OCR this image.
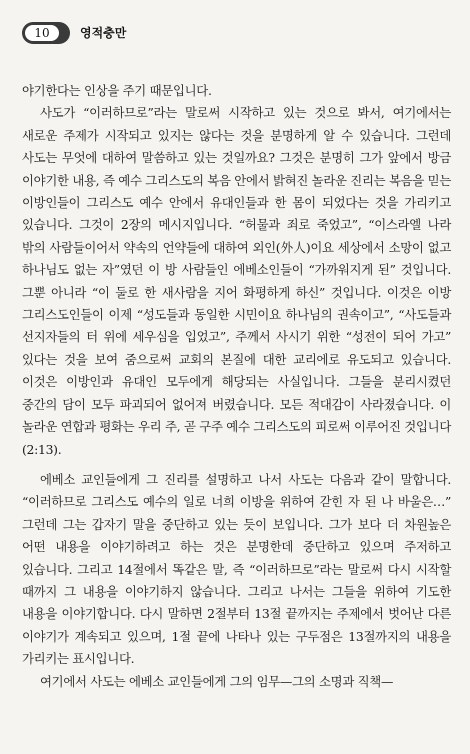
10	영적충만

야기한다는 인상을 주기 때문입니다.

사도가 “이러하므로”라는 말로써 시작하고 있는 것으로 봐서, 여기에서는 새로운 주제가 시작되고 있지는 않다는 것을 분명하게 알 수 있습니다. 그런데 사도는 무엇에 대하여 말씀하고 있는 것일까요? 그것은 분명히 그가 앞에서 방금 이야기한 내용, 즉 예수 그리스도의 복음 안에서 밝혀진 놀라운 진리는 복음을 믿는 이방인들이 그리스도 예수 안에서 유대인들과 한 몸이 되었다는 것을 가리키고 있습니다. 그것이 2장의 메시지입니다. “허물과 죄로 죽었고”, “이스라엘 나라 밖의 사람들이어서 약속의 언약들에 대하여 외인(外人)이요 세상에서 소망이 없고 하나님도 없는 자”였던 이 방 사람들인 에베소인들이 “가까워지게 된” 것입니다. 그뿐 아니라 “이 둘로 한 새사람을 지어 화평하게 하신” 것입니다. 이것은 이방 그리스도인들이 이제 “성도들과 동일한 시민이요 하나님의 권속이고”, “사도들과 선지자들의 터 위에 세우심을 입었고”, 주께서 사시기 위한 “성전이 되어 가고” 있다는 것을 보여 줌으로써 교회의 본질에 대한 교리에로 유도되고 있습니다. 이것은 이방인과 유대인 모두에게 해당되는 사실입니다. 그들을 분리시켰던 중간의 담이 모두 파괴되어 없어져 버렸습니다. 모든 적대감이 사라졌습니다. 이 놀라운 연합과 평화는 우리 주, 곧 구주 예수 그리스도의 피로써 이루어진 것입니다(2:13).

에베소 교인들에게 그 진리를 설명하고 나서 사도는 다음과 같이 말합니다. “이러하므로 그리스도 예수의 일로 너희 이방을 위하여 갇힌 자 된 나 바울은…” 그런데 그는 갑자기 말을 중단하고 있는 듯이 보입니다. 그가 보다 더 차원높은 어떤 내용을 이야기하려고 하는 것은 분명한데 중단하고 있으며 주저하고 있습니다. 그리고 14절에서 똑같은 말, 즉 “이러하므로”라는 말로써 다시 시작할 때까지 그 내용을 이야기하지 않습니다. 그리고 나서는 그들을 위하여 기도한 내용을 이야기합니다. 다시 말하면 2절부터 13절 끝까지는 주제에서 벗어난 다른 이야기가 계속되고 있으며, 1절 끝에 나타나 있는 구두점은 13절까지의 내용을 가리키는 표시입니다.

여기에서 사도는 에베소 교인들에게 그의 임무—그의 소명과 직책—
